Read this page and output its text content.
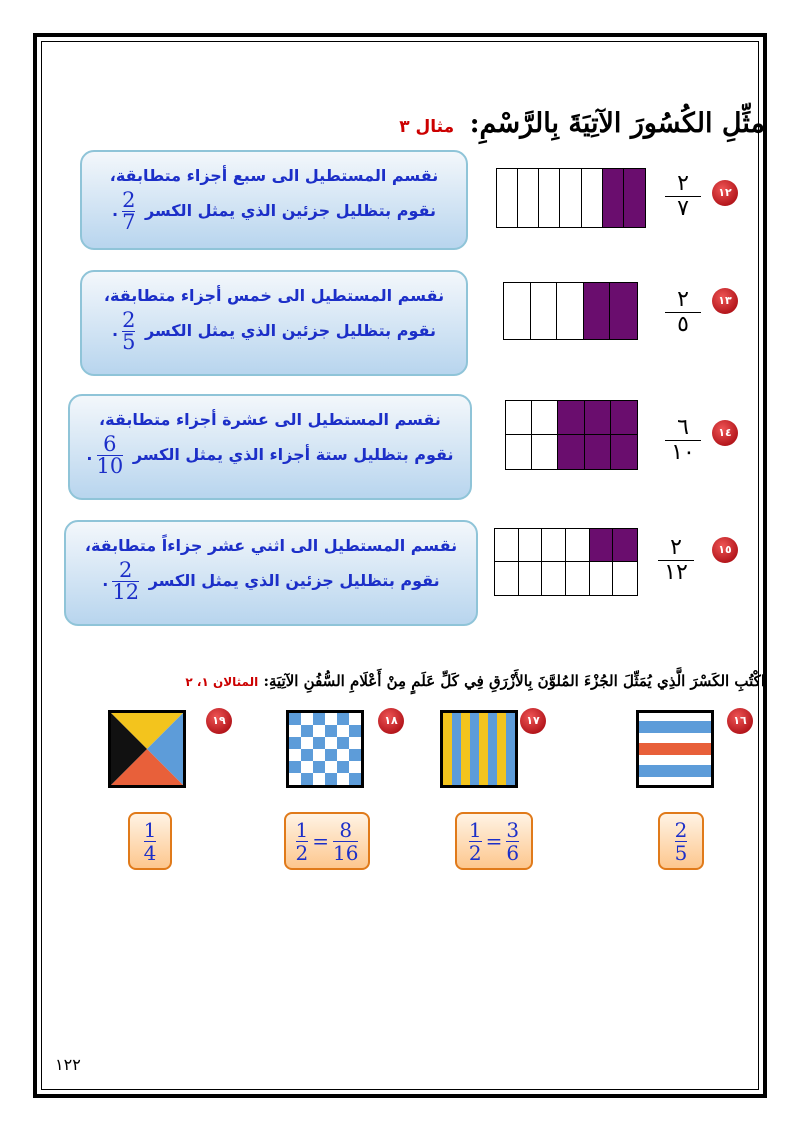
مثِّلِ الكُسُورَ الآتِيَةَ بِالرَّسْمِ: مثال ٣
١٢
٢
٧
نقسم المستطيل الى سبع أجزاء متطابقة،
نقوم بتظليل جزئين الذي يمثل الكسر
$\frac{2}{7}$
.
١٣
٢
٥
نقسم المستطيل الى خمس أجزاء متطابقة،
نقوم بتظليل جزئين الذي يمثل الكسر
$\frac{2}{5}$
.
١٤
٦
١٠
نقسم المستطيل الى عشرة أجزاء متطابقة،
نقوم بتظليل ستة أجزاء الذي يمثل الكسر
$\frac{6}{10}$
.
١٥
٢
١٢
نقسم المستطيل الى اثني عشر جزاءاً متطابقة،
نقوم بتظليل جزئين الذي يمثل الكسر
$\frac{2}{12}$
.
اكْتُبِ الكَسْرَ الَّذِي يُمَثِّلَ الجُزْءَ المُلوَّنَ بِالأَزْرَقِ فِي كَلِّ عَلَمٍ مِنْ أَعْلَامِ السُّفُنِ الآتِيَةِ: المثالان ١، ٢
١٦
١٧
١٨
١٩
2
5
$\frac{1}{2} = \frac{3}{6}$
$\frac{1}{2} = \frac{8}{16}$
1
4
١٢٢
